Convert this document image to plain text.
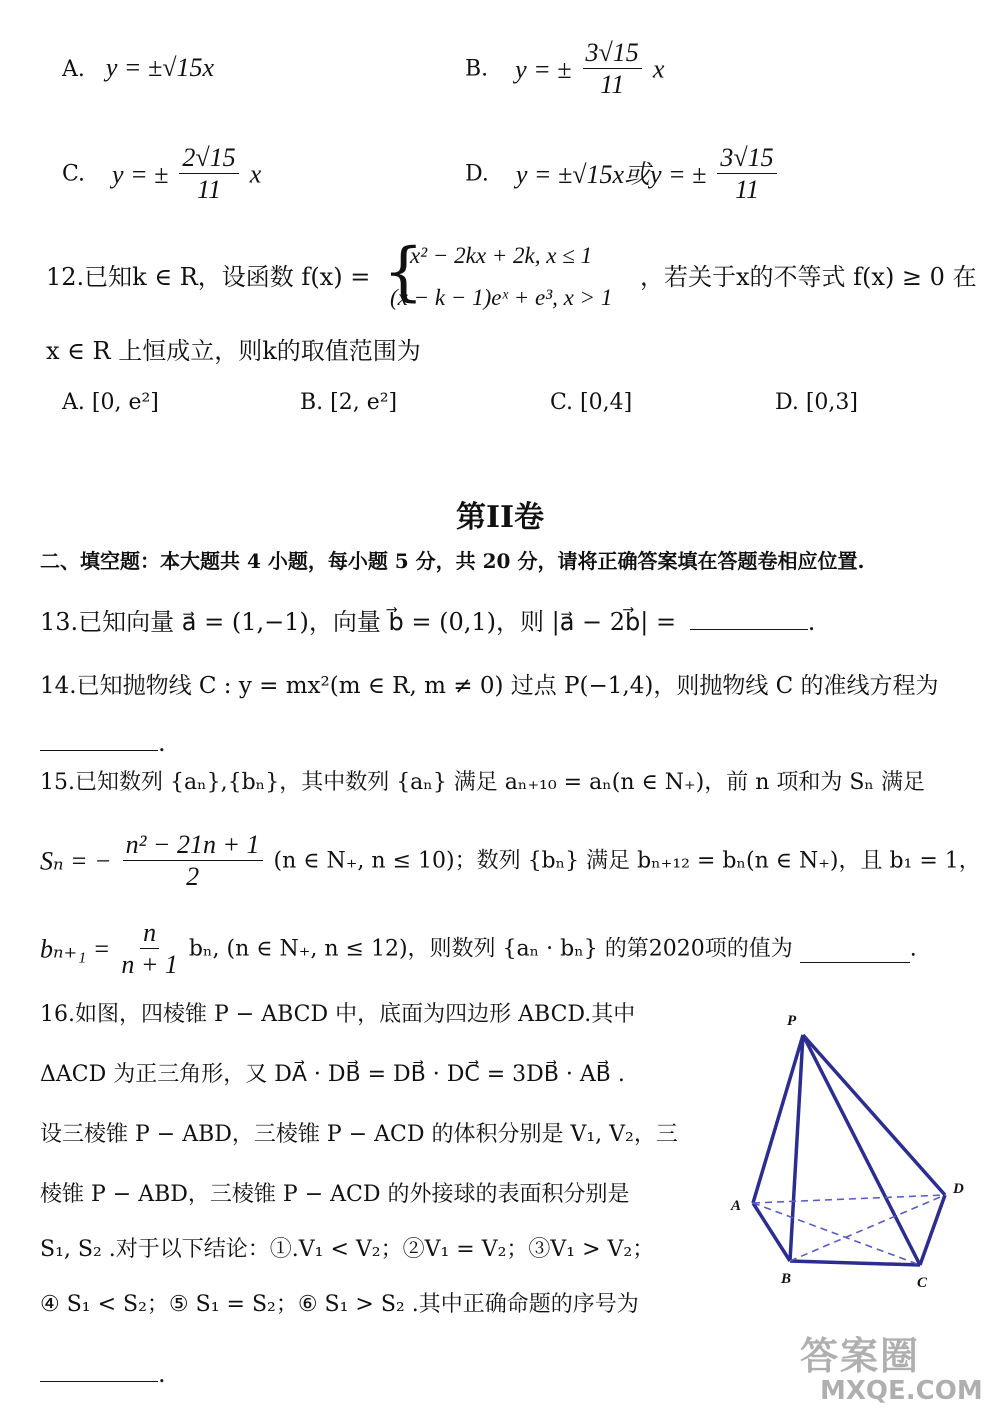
A. y = ±√15x	B. y = ± $\frac{3√15}{11}$ x
C. y = ± $\frac{2√15}{11}$ x	D. y = ±√15x或y = ± $\frac{3√15}{11}$
12.已知k ∈ R，设函数 f(x) = {
x² − 2kx + 2k, x ≤ 1
(x − k − 1)eˣ + e³, x > 1
，若关于x的不等式 f(x) ≥ 0 在
x ∈ R 上恒成立，则k的取值范围为
A. [0, e²]	B. [2, e²]	C. [0,4]	D. [0,3]
第II卷
二、填空题：本大题共 4 小题，每小题 5 分，共 20 分，请将正确答案填在答题卷相应位置.
13.已知向量 a⃗ = (1,−1)，向量 b⃗ = (0,1)，则 |a⃗ − 2b⃗| =	.
14.已知抛物线 C : y = mx²(m ∈ R, m ≠ 0) 过点 P(−1,4)，则抛物线 C 的准线方程为
.
15.已知数列 {aₙ},{bₙ}，其中数列 {aₙ} 满足 aₙ₊₁₀ = aₙ(n ∈ N₊)，前 n 项和为 Sₙ 满足
Sₙ = − $\frac{\text{n² − 21n + 1}}{2} (n$ ∈ N₊, n ≤ 10)；数列 {bₙ} 满足 bₙ₊₁₂ = bₙ(n ∈ N₊)，且 b₁ = 1，
$b_{n+1} = \frac{n}{n + 1} b_n$, (n ∈ N₊, n ≤ 12)，则数列 {aₙ · bₙ} 的第2020项的值为	.
16.如图，四棱锥 P − ABCD 中，底面为四边形 ABCD.其中
ΔACD 为正三角形，又 DA⃗ · DB⃗ = DB⃗ · DC⃗ = 3DB⃗ · AB⃗ .
设三棱锥 P − ABD，三棱锥 P − ACD 的体积分别是 V₁, V₂，三
棱锥 P − ABD，三棱锥 P − ACD 的外接球的表面积分别是
S₁, S₂ .对于以下结论：①.V₁ < V₂；②V₁ = V₂；③V₁ > V₂；
④ S₁ < S₂；⑤ S₁ = S₂；⑥ S₁ > S₂ .其中正确命题的序号为
.
P
A
B	C
D
答案圈
MXQE.COM
